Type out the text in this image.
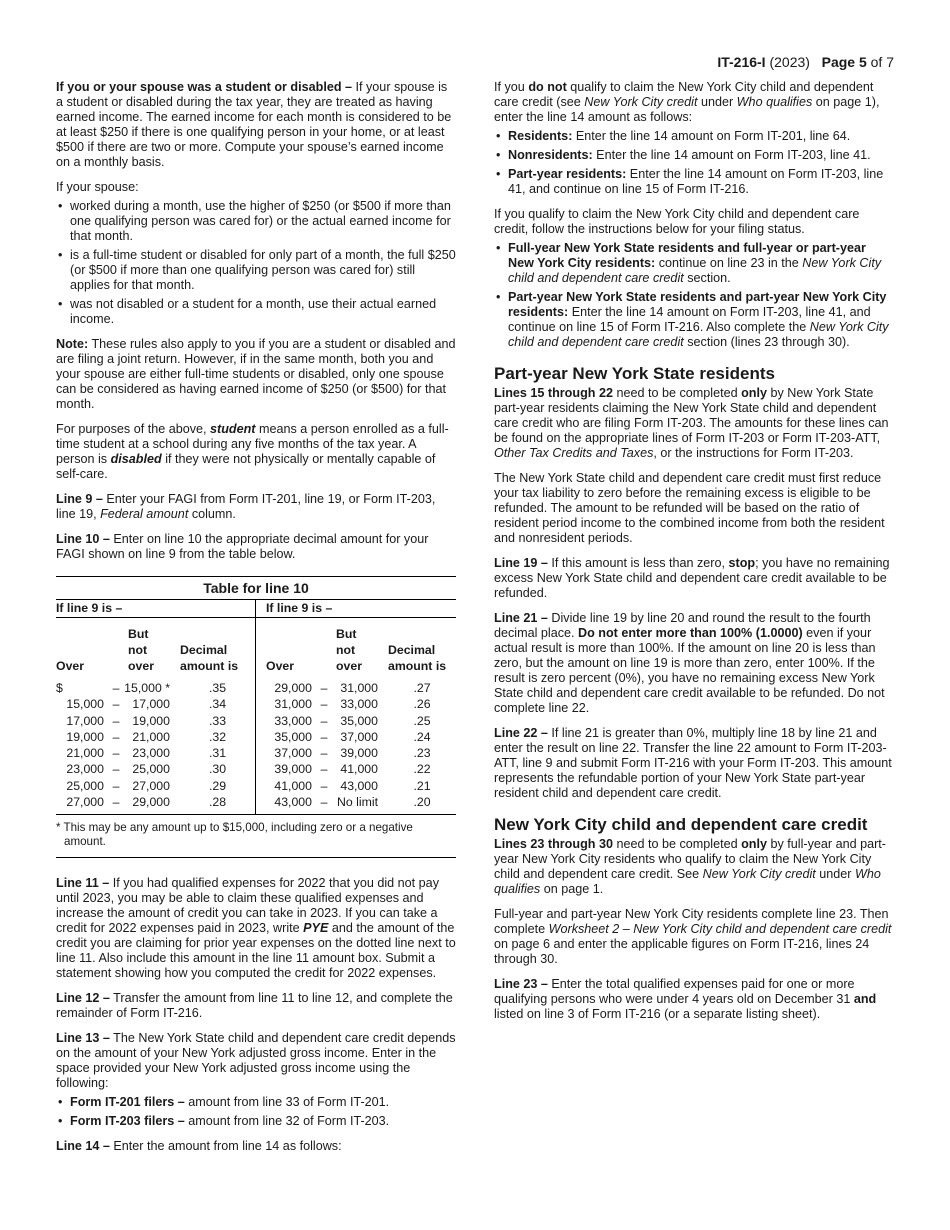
IT-216-I (2023) Page 5 of 7

If you or your spouse was a student or disabled – If your spouse is a student or disabled during the tax year, they are treated as having earned income. The earned income for each month is considered to be at least $250 if there is one qualifying person in your home, or at least $500 if there are two or more. Compute your spouse’s earned income on a monthly basis.

If your spouse:

• worked during a month, use the higher of $250 (or $500 if more than one qualifying person was cared for) or the actual earned income for that month.
• is a full-time student or disabled for only part of a month, the full $250 (or $500 if more than one qualifying person was cared for) still applies for that month.
• was not disabled or a student for a month, use their actual earned income.

Note: These rules also apply to you if you are a student or disabled and are filing a joint return. However, if in the same month, both you and your spouse are either full-time students or disabled, only one spouse can be considered as having earned income of $250 (or $500) for that month.

For purposes of the above, student means a person enrolled as a full-time student at a school during any five months of the tax year. A person is disabled if they were not physically or mentally capable of self-care.

Line 9 – Enter your FAGI from Form IT-201, line 19, or Form IT-203, line 19, Federal amount column.

Line 10 – Enter on line 10 the appropriate decimal amount for your FAGI shown on line 9 from the table below.

Table for line 10
If line 9 is –
Over		But not
over	Decimal
amount is
$	–	15,000 *	.35
15,000	–	17,000	.34
17,000	–	19,000	.33
19,000	–	21,000	.32
21,000	–	23,000	.31
23,000	–	25,000	.30
25,000	–	27,000	.29
27,000	–	29,000	.28
If line 9 is –
Over		But not
over	Decimal
amount is
29,000	–	31,000	.27
31,000	–	33,000	.26
33,000	–	35,000	.25
35,000	–	37,000	.24
37,000	–	39,000	.23
39,000	–	41,000	.22
41,000	–	43,000	.21
43,000	–	No limit	.20
* This may be any amount up to $15,000, including zero or a negative amount.

Line 11 – If you had qualified expenses for 2022 that you did not pay until 2023, you may be able to claim these qualified expenses and increase the amount of credit you can take in 2023. If you can take a credit for 2022 expenses paid in 2023, write PYE and the amount of the credit you are claiming for prior year expenses on the dotted line next to line 11. Also include this amount in the line 11 amount box. Submit a statement showing how you computed the credit for 2022 expenses.

Line 12 – Transfer the amount from line 11 to line 12, and complete the remainder of Form IT-216.

Line 13 – The New York State child and dependent care credit depends on the amount of your New York adjusted gross income. Enter in the space provided your New York adjusted gross income using the following:

• Form IT-201 filers – amount from line 33 of Form IT-201.
• Form IT-203 filers – amount from line 32 of Form IT-203.

Line 14 – Enter the amount from line 14 as follows:

If you do not qualify to claim the New York City child and dependent care credit (see New York City credit under Who qualifies on page 1), enter the line 14 amount as follows:

• Residents: Enter the line 14 amount on Form IT-201, line 64.
• Nonresidents: Enter the line 14 amount on Form IT-203, line 41.
• Part-year residents: Enter the line 14 amount on Form IT-203, line 41, and continue on line 15 of Form IT-216.

If you qualify to claim the New York City child and dependent care credit, follow the instructions below for your filing status.

• Full-year New York State residents and full-year or part-year New York City residents: continue on line 23 in the New York City child and dependent care credit section.
• Part-year New York State residents and part-year New York City residents: Enter the line 14 amount on Form IT-203, line 41, and continue on line 15 of Form IT-216. Also complete the New York City child and dependent care credit section (lines 23 through 30).
Part-year New York State residents

Lines 15 through 22 need to be completed only by New York State part-year residents claiming the New York State child and dependent care credit who are filing Form IT-203. The amounts for these lines can be found on the appropriate lines of Form IT-203 or Form IT-203-ATT, Other Tax Credits and Taxes, or the instructions for Form IT-203.

The New York State child and dependent care credit must first reduce your tax liability to zero before the remaining excess is eligible to be refunded. The amount to be refunded will be based on the ratio of resident period income to the combined income from both the resident and nonresident periods.

Line 19 – If this amount is less than zero, stop; you have no remaining excess New York State child and dependent care credit available to be refunded.

Line 21 – Divide line 19 by line 20 and round the result to the fourth decimal place. Do not enter more than 100% (1.0000) even if your actual result is more than 100%. If the amount on line 20 is less than zero, but the amount on line 19 is more than zero, enter 100%. If the result is zero percent (0%), you have no remaining excess New York State child and dependent care credit available to be refunded. Do not complete line 22.

Line 22 – If line 21 is greater than 0%, multiply line 18 by line 21 and enter the result on line 22. Transfer the line 22 amount to Form IT-203-ATT, line 9 and submit Form IT-216 with your Form IT-203. This amount represents the refundable portion of your New York State part-year resident child and dependent care credit.

New York City child and dependent care credit

Lines 23 through 30 need to be completed only by full-year and part-year New York City residents who qualify to claim the New York City child and dependent care credit. See New York City credit under Who qualifies on page 1.

Full-year and part-year New York City residents complete line 23. Then complete Worksheet 2 – New York City child and dependent care credit on page 6 and enter the applicable figures on Form IT-216, lines 24 through 30.

Line 23 – Enter the total qualified expenses paid for one or more qualifying persons who were under 4 years old on December 31 and listed on line 3 of Form IT-216 (or a separate listing sheet).
